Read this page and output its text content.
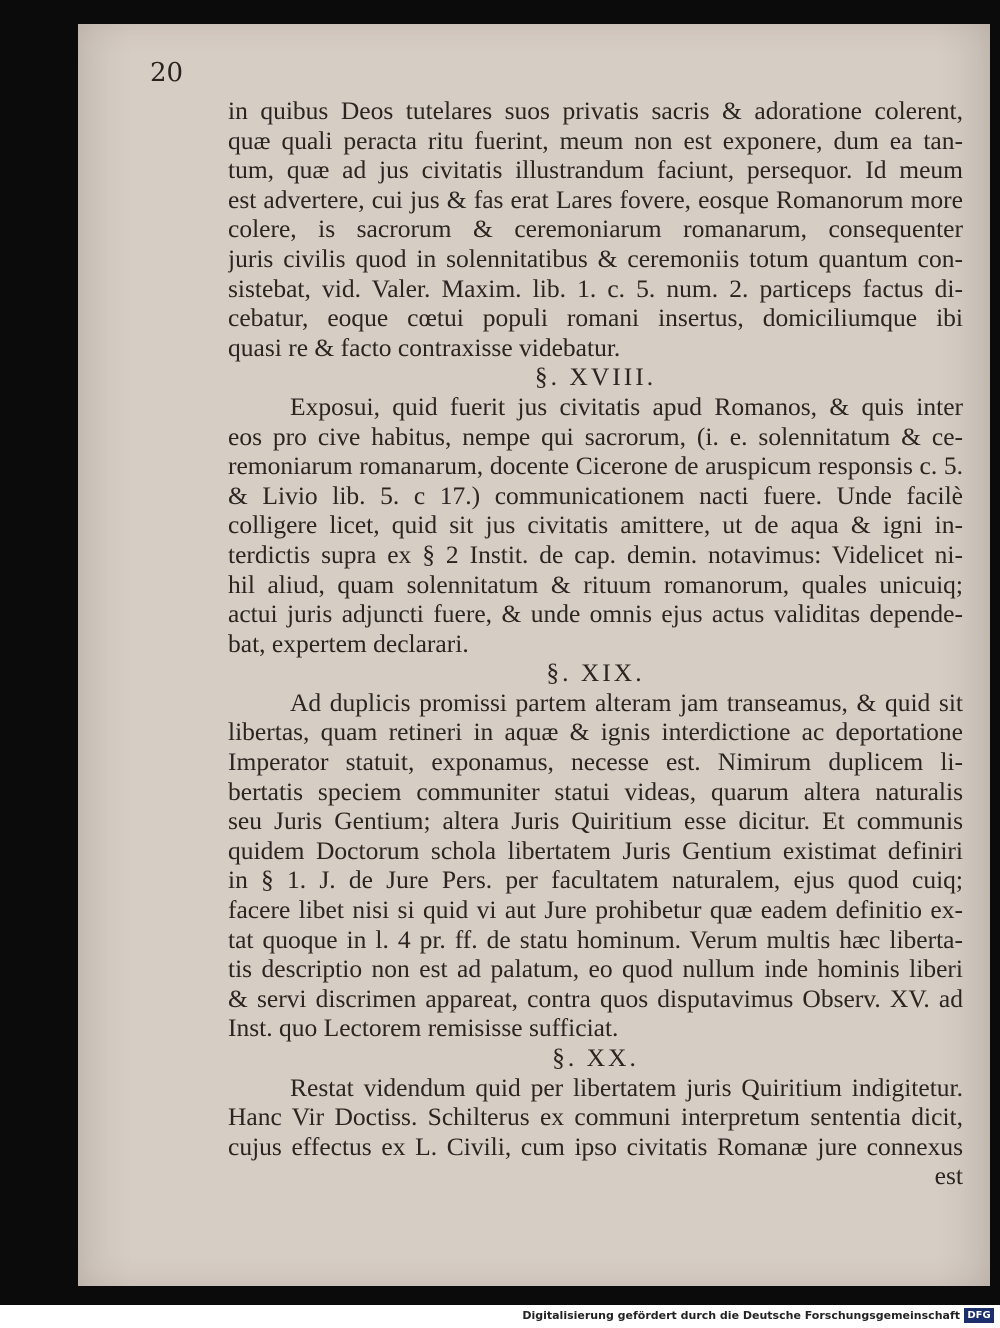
20
in quibus Deos tutelares suos privatis sacris & adoratione colerent,
quæ quali peracta ritu fuerint, meum non est exponere, dum ea tan-
tum, quæ ad jus civitatis illustrandum faciunt, persequor. Id meum
est advertere, cui jus & fas erat Lares fovere, eosque Romanorum more
colere, is sacrorum & ceremoniarum romanarum, consequenter
juris civilis quod in solennitatibus & ceremoniis totum quantum con-
sistebat, vid. Valer. Maxim. lib. 1. c. 5. num. 2. particeps factus di-
cebatur, eoque cœtui populi romani insertus, domiciliumque ibi
quasi re & facto contraxisse videbatur.
§. XVIII.
Exposui, quid fuerit jus civitatis apud Romanos, & quis inter
eos pro cive habitus, nempe qui sacrorum, (i. e. solennitatum & ce-
remoniarum romanarum, docente Cicerone de aruspicum responsis c. 5.
& Livio lib. 5. c 17.) communicationem nacti fuere. Unde facilè
colligere licet, quid sit jus civitatis amittere, ut de aqua & igni in-
terdictis supra ex § 2 Instit. de cap. demin. notavimus: Videlicet ni-
hil aliud, quam solennitatum & rituum romanorum, quales unicuiq;
actui juris adjuncti fuere, & unde omnis ejus actus validitas depende-
bat, expertem declarari.
§. XIX.
Ad duplicis promissi partem alteram jam transeamus, & quid sit
libertas, quam retineri in aquæ & ignis interdictione ac deportatione
Imperator statuit, exponamus, necesse est. Nimirum duplicem li-
bertatis speciem communiter statui videas, quarum altera naturalis
seu Juris Gentium; altera Juris Quiritium esse dicitur. Et communis
quidem Doctorum schola libertatem Juris Gentium existimat definiri
in § 1. J. de Jure Pers. per facultatem naturalem, ejus quod cuiq;
facere libet nisi si quid vi aut Jure prohibetur quæ eadem definitio ex-
tat quoque in l. 4 pr. ff. de statu hominum. Verum multis hæc liberta-
tis descriptio non est ad palatum, eo quod nullum inde hominis liberi
& servi discrimen appareat, contra quos disputavimus Observ. XV. ad
Inst. quo Lectorem remisisse sufficiat.
§. XX.
Restat videndum quid per libertatem juris Quiritium indigitetur.
Hanc Vir Doctiss. Schilterus ex communi interpretum sententia dicit,
cujus effectus ex L. Civili, cum ipso civitatis Romanæ jure connexus
est
Digitalisierung gefördert durch die Deutsche Forschungsgemeinschaft DFG
